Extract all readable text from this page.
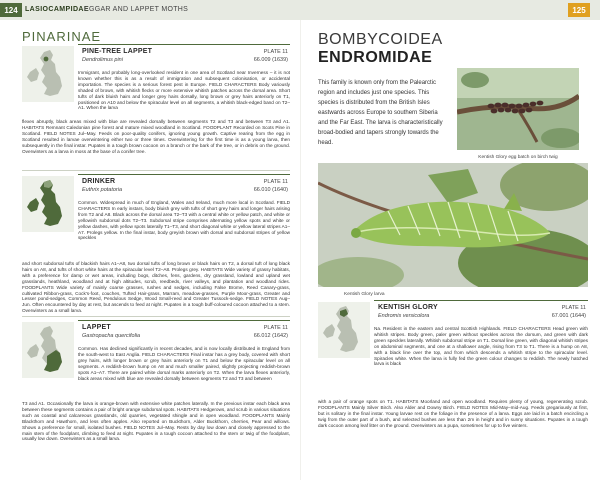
124	LASIOCAMPIDAE
EGGAR AND LAPPET MOTHS	125
PINARINAE
PINE-TREE LAPPET
Dendrolimus pini
PLATE 11
66.009 (1639)
Immigrant, and probably long-overlooked resident in one area of Scotland near Inverness – it is not known whether this is as a result of immigration and subsequent colonisation, or accidental importation. The species is a serious forest pest in Europe. FIELD CHARACTERS Body variously shaded of brown, with whitish flecks or more extensive whitish patches across the dorsal area. Short tufts of dark bluish hairs and longer grey hairs dorsally, long brown or grey hairs anteriorly on T1, positioned on A10 and below the spiracular level on all segments, a whitish black-edged band on T2–A1. When the larva
flexes abruptly, black areas mixed with blue are revealed dorsally between segments T2 and T3 and between T3 and A1. HABITATS Remnant Caledonian pine forest and mature mixed woodland in Scotland. FOODPLANT Recorded on Scots Pine in Scotland. FIELD NOTES Jul–May. Feeds on poor-quality conifers, ignoring young growth. Captive rearing from the egg in Scotland resulted in larvae overwintering either two or three times. Overwintering for the first time is as a young larva, then subsequently in the final instar. Pupates in a tough brown cocoon on a branch or the bark of the tree, or in debris on the ground. Overwinters as a larva in moss at the base of a conifer tree.
DRINKER
Euthrix potatoria
PLATE 11
66.010 (1640)
Common. Widespread in much of England, Wales and Ireland, much more local in Scotland. FIELD CHARACTERS In early instars, body bluish grey with tufts of short grey hairs and longer hairs arising from T2 and A8. Black across the dorsal area T2–T3 with a central white or yellow patch, and white or yellowish subdorsal dots T2–T3. Subdorsal stripe comprises alternating yellow spots and white or yellow dashes, with yellow spots laterally T1–T3, and short diagonal white or yellow lateral stripes A1–A7. Prolegs yellow. In the final instar, body greyish brown with dorsal and subdorsal stripes of yellow speckles
and short subdorsal tufts of blackish hairs A1–A8, two dorsal tufts of long brown or black hairs on T2, a dorsal tuft of long black hairs on A8, and tufts of short white hairs at the spiracular level T2–A8. Prolegs grey. HABITATS Wide variety of grassy habitats, with a preference for damp or wet areas, including bogs, ditches, fens, gardens, dry grassland, lowland and upland wet grasslands, heathland, woodland and at high altitudes, scrub, reedbeds, river valleys, and plantation and woodland rides. FOODPLANTS Wide variety of mainly coarse grasses, rushes and sedges, including False Brome, Reed Canary-grass, cultivated Ribbon-grass, Cock's-foot, couches, Tufted Hair-grass, Marram, meadow-grasses, Purple Moor-grass, Greater and Lesser pond-sedges, Common Reed, Pendulous Sedge, Wood Small-reed and Greater Tussock-sedge. FIELD NOTES Aug–Jun. Often encountered by day at rest, but ascends to feed at night. Pupates in a tough buff-coloured cocoon attached to a stem. Overwinters as a small larva.
LAPPET
Gastropacha quercifolia
PLATE 11
66.012 (1642)
Common. Has declined significantly in recent decades, and is now locally distributed in England from the south-west to East Anglia. FIELD CHARACTERS Final instar has a grey body, covered with short grey hairs, with longer brown or grey hairs anteriorly on T1 and below the spiracular level on all segments. A reddish-brown hump on A8 and much smaller paired, slightly projecting reddish-brown spots A1–A7. There are paired white dorsal marks anteriorly on T2. When the larva flexes anteriorly, black areas mixed with blue are revealed dorsally between segments T2 and T3 and between
T3 and A1. Occasionally the larva is orange-brown with extensive white patches laterally. In the previous instar each black area between these segments contains a pair of bright orange subdorsal spots. HABITATS Hedgerows, and scrub in various situations such as coastal and calcareous grasslands, old quarries, vegetated shingle and in open woodland. FOODPLANTS Mainly Blackthorn and Hawthorn, and less often apples. Also reported on Buckthorn, Alder Buckthorn, cherries, Pear and willows. Shows a preference for small, isolated bushes. FIELD NOTES Jul–May. Rests by day low down and closely appressed to the main stem of the foodplant, climbing to feed at night. Pupates in a tough cocoon attached to the stem or twig of the foodplant, usually low down. Overwinters as a small larva.
BOMBYCOIDEA
ENDROMIDAE
This family is known only from the Palearctic region and includes just one species. This species is distributed from the British Isles eastwards across Europe to southern Siberia and the Far East. The larva is characteristically broad-bodied and tapers strongly towards the head.
Kentish Glory egg batch on birch twig
Kentish Glory larva
KENTISH GLORY
Endromis versicolora
PLATE 11
67.001 (1644)
Na. Resident in the eastern and central Scottish Highlands. FIELD CHARACTERS Head green with whitish stripes. Body green, paler green without speckles across the dorsum, and green with dark green speckles laterally. Whitish subdorsal stripe on T1. Dorsal line green, with diagonal whitish stripes on abdominal segments, and one at a shallower angle, rising from T3 to T1. There is a hump on A8, with a black line over the top, and from which descends a whitish stripe to the spiracular level. Spiracles white. When the larva is fully fed the green colour changes to reddish. The newly hatched larva is black
with a pair of orange spots on T1. HABITATS Moorland and open woodland. Requires plenty of young, regenerating scrub. FOODPLANTS Mainly Silver Birch. Also Alder and Downy Birch. FIELD NOTES Mid-May–mid-Aug. Feeds gregariously at first, but is solitary in the final instar. Young larvae rest on the foliage in the presence of a larva. Eggs are laid in a batch encircling a twig from the outer part of a bush, and selected bushes are less than 2m in height and in sunny situations. Pupates in a tough dark cocoon among leaf litter on the ground. Overwinters as a pupa, sometimes for up to five winters.
